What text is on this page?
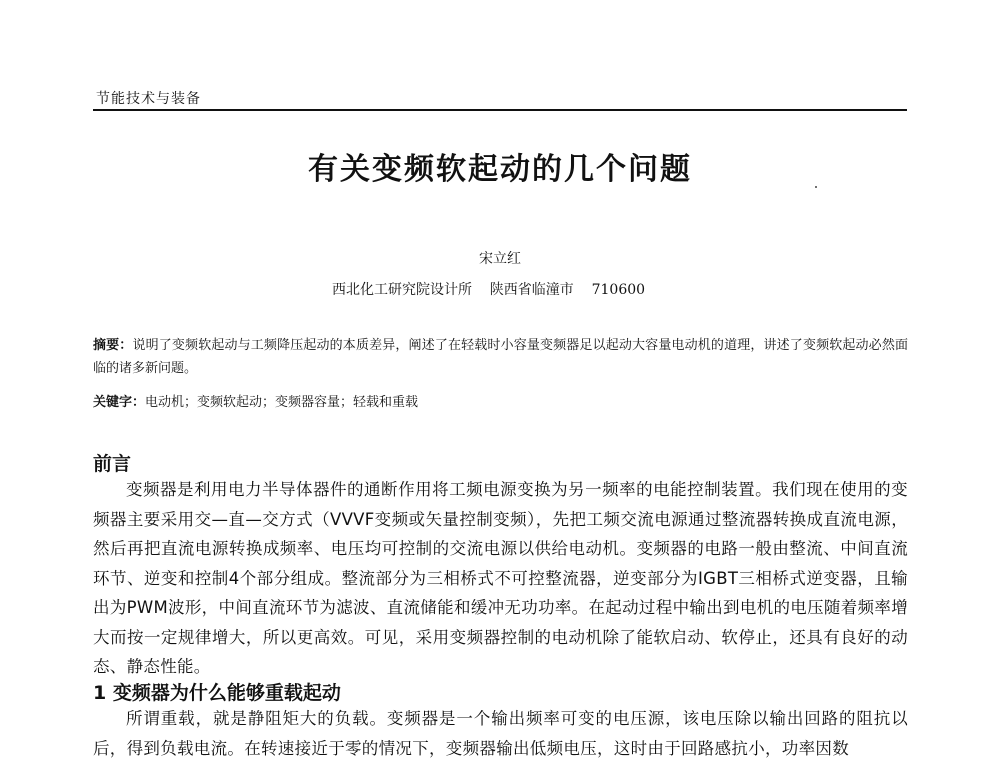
节能技术与装备
有关变频软起动的几个问题
宋立红
西北化工研究院设计所    陕西省临潼市    710600
摘要：说明了变频软起动与工频降压起动的本质差异，阐述了在轻载时小容量变频器足以起动大容量电动机的道理，讲述了变频软起动必然面临的诸多新问题。
关键字：电动机；变频软起动；变频器容量；轻载和重载
前言
变频器是利用电力半导体器件的通断作用将工频电源变换为另一频率的电能控制装置。我们现在使用的变频器主要采用交—直—交方式（VVVF变频或矢量控制变频），先把工频交流电源通过整流器转换成直流电源，然后再把直流电源转换成频率、电压均可控制的交流电源以供给电动机。变频器的电路一般由整流、中间直流环节、逆变和控制4个部分组成。整流部分为三相桥式不可控整流器，逆变部分为IGBT三相桥式逆变器，且输出为PWM波形，中间直流环节为滤波、直流储能和缓冲无功功率。在起动过程中输出到电机的电压随着频率增大而按一定规律增大，所以更高效。可见，采用变频器控制的电动机除了能软启动、软停止，还具有良好的动态、静态性能。
1 变频器为什么能够重载起动
所谓重载，就是静阻矩大的负载。变频器是一个输出频率可变的电压源，该电压除以输出回路的阻抗以后，得到负载电流。在转速接近于零的情况下，变频器输出低频电压，这时由于回路感抗小，功率因数
